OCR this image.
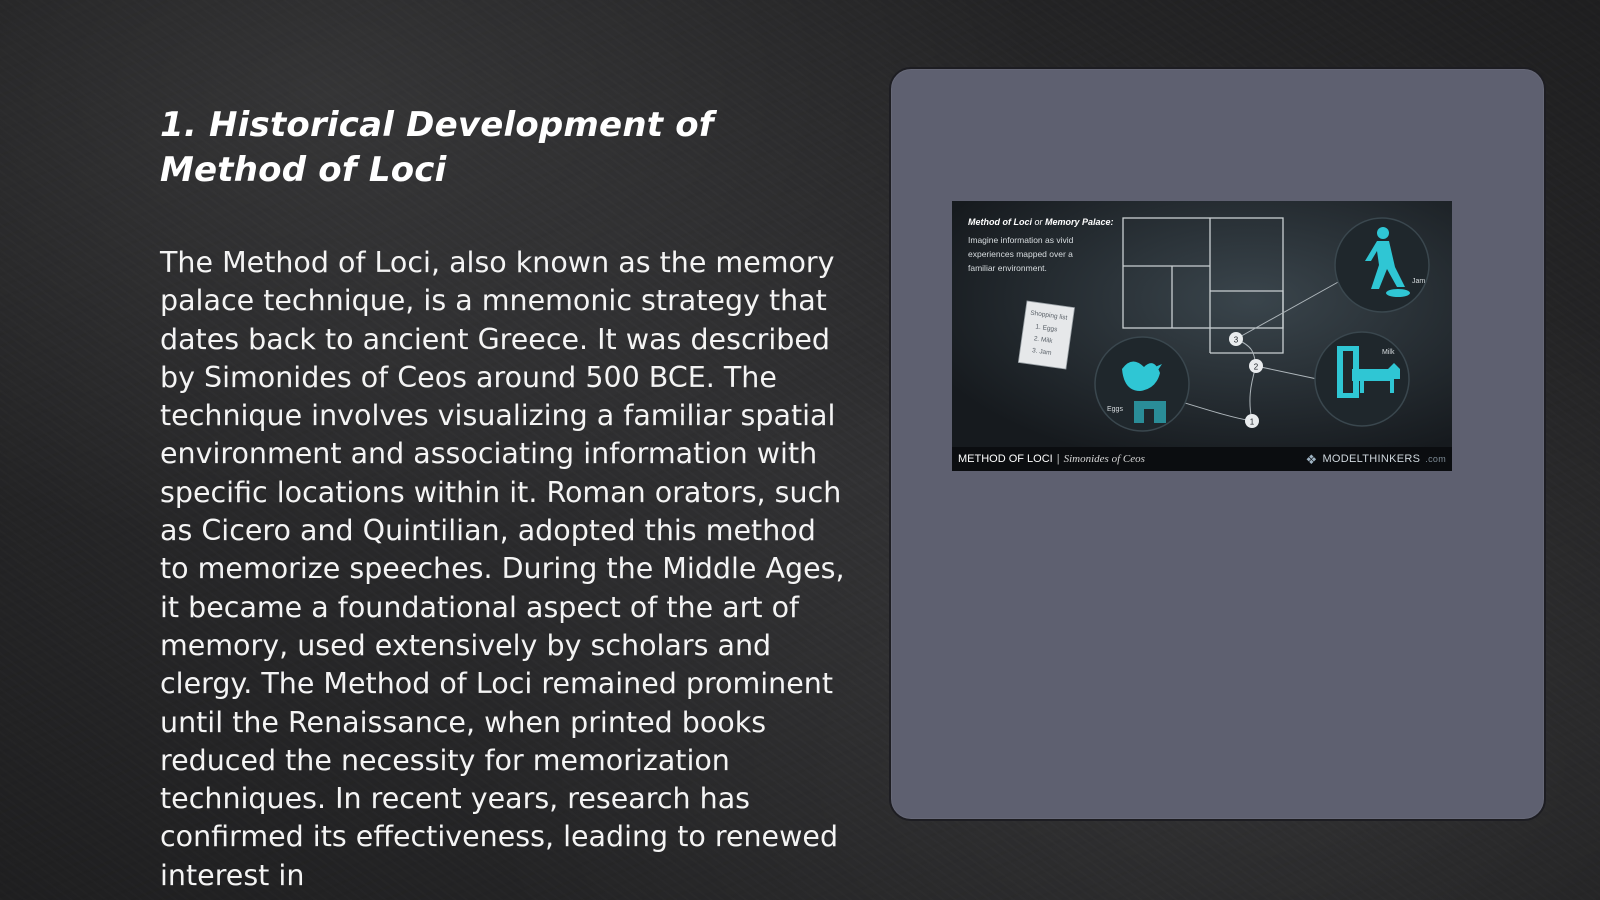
1. Historical Development of Method of Loci

The Method of Loci, also known as the memory palace technique, is a mnemonic strategy that dates back to ancient Greece. It was described by Simonides of Ceos around 500 BCE. The technique involves visualizing a familiar spatial environment and associating information with specific locations within it. Roman orators, such as Cicero and Quintilian, adopted this method to memorize speeches. During the Middle Ages, it became a foundational aspect of the art of memory, used extensively by scholars and clergy. The Method of Loci remained prominent until the Renaissance, when printed books reduced the necessity for memorization techniques. In recent years, research has confirmed its effectiveness, leading to renewed interest in

Method of Loci or Memory Palace:
Imagine information as vivid
experiences mapped over a
familiar environment.
Shopping list
1. Eggs
2. Milk
3. Jam
1
2
3
Eggs
Milk
Jam
METHOD OF LOCI | Simonides of Ceos	❖ MODELTHINKERS .com
